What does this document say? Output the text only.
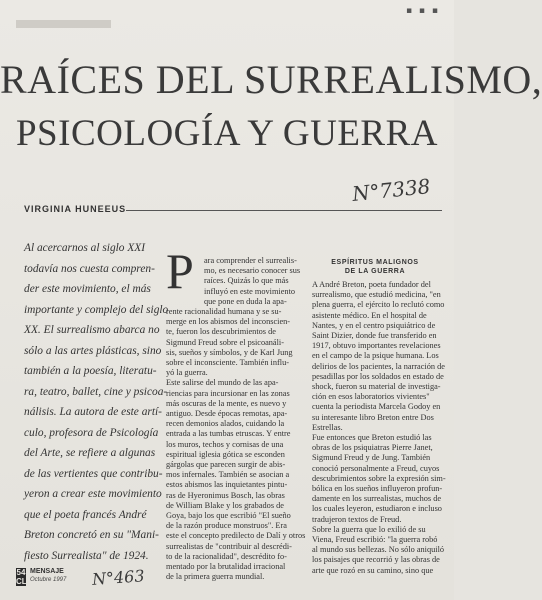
▪ ▪ ▪
RAÍCES DEL SURREALISMO,
PSICOLOGÍA Y GUERRA
N°7338
VIRGINIA HUNEEUS
Al acercarnos al siglo XXI
todavía nos cuesta compren-
der este movimiento, el más
importante y complejo del siglo
XX. El surrealismo abarca no
sólo a las artes plásticas, sino
también a la poesía, literatu-
ra, teatro, ballet, cine y psicoa-
nálisis. La autora de este artí-
culo, profesora de Psicología
del Arte, se refiere a algunas
de las vertientes que contribu-
yeron a crear este movimiento
que el poeta francés André
Breton concretó en su "Mani-
fiesto Surrealista" de 1924.
P ara comprender el surrealis-
mo, es necesario conocer sus
raíces. Quizás lo que más
influyó en este movimiento
que pone en duda la apa-
rente racionalidad humana y se su-
merge en los abismos del inconscien-
te, fueron los descubrimientos de
Sigmund Freud sobre el psicoanáli-
sis, sueños y símbolos, y de Karl Jung
sobre el inconsciente. También influ-
yó la guerra.
Este salirse del mundo de las apa-
riencias para incursionar en las zonas
más oscuras de la mente, es nuevo y
antiguo. Desde épocas remotas, apa-
recen demonios alados, cuidando la
entrada a las tumbas etruscas. Y entre
los muros, techos y cornisas de una
espiritual iglesia gótica se esconden
gárgolas que parecen surgir de abis-
mos infernales. También se asocian a
estos abismos las inquietantes pintu-
ras de Hyeronimus Bosch, las obras
de William Blake y los grabados de
Goya, bajo los que escribió "El sueño
de la razón produce monstruos". Era
este el concepto predilecto de Dalí y otros
surrealistas de "contribuir al descrédi-
to de la racionalidad", descrédito fo-
mentado por la brutalidad irracional
de la primera guerra mundial.
ESPÍRITUS MALIGNOS
DE LA GUERRA
A André Breton, poeta fundador del
surrealismo, que estudió medicina, "en
plena guerra, el ejército lo reclutó como
asistente médico. En el hospital de
Nantes, y en el centro psiquiátrico de
Saint Dizier, donde fue transferido en
1917, obtuvo importantes revelaciones
en el campo de la psique humana. Los
delirios de los pacientes, la narración de
pesadillas por los soldados en estado de
shock, fueron su material de investiga-
ción en esos laboratorios vivientes"
cuenta la periodista Marcela Godoy en
su interesante libro Breton entre Dos
Estrellas.
Fue entonces que Breton estudió las
obras de los psiquiatras Pierre Janet,
Sigmund Freud y de Jung. También
conoció personalmente a Freud, cuyos
descubrimientos sobre la expresión sim-
bólica en los sueños influyeron profun-
damente en los surrealistas, muchos de
los cuales leyeron, estudiaron e incluso
tradujeron textos de Freud.
Sobre la guerra que lo exilió de su
Viena, Freud escribió: "la guerra robó
al mundo sus bellezas. No sólo aniquiló
los paisajes que recorrió y las obras de
arte que rozó en su camino, sino que
54
CL
MENSAJE
Octubre 1997 N°463
